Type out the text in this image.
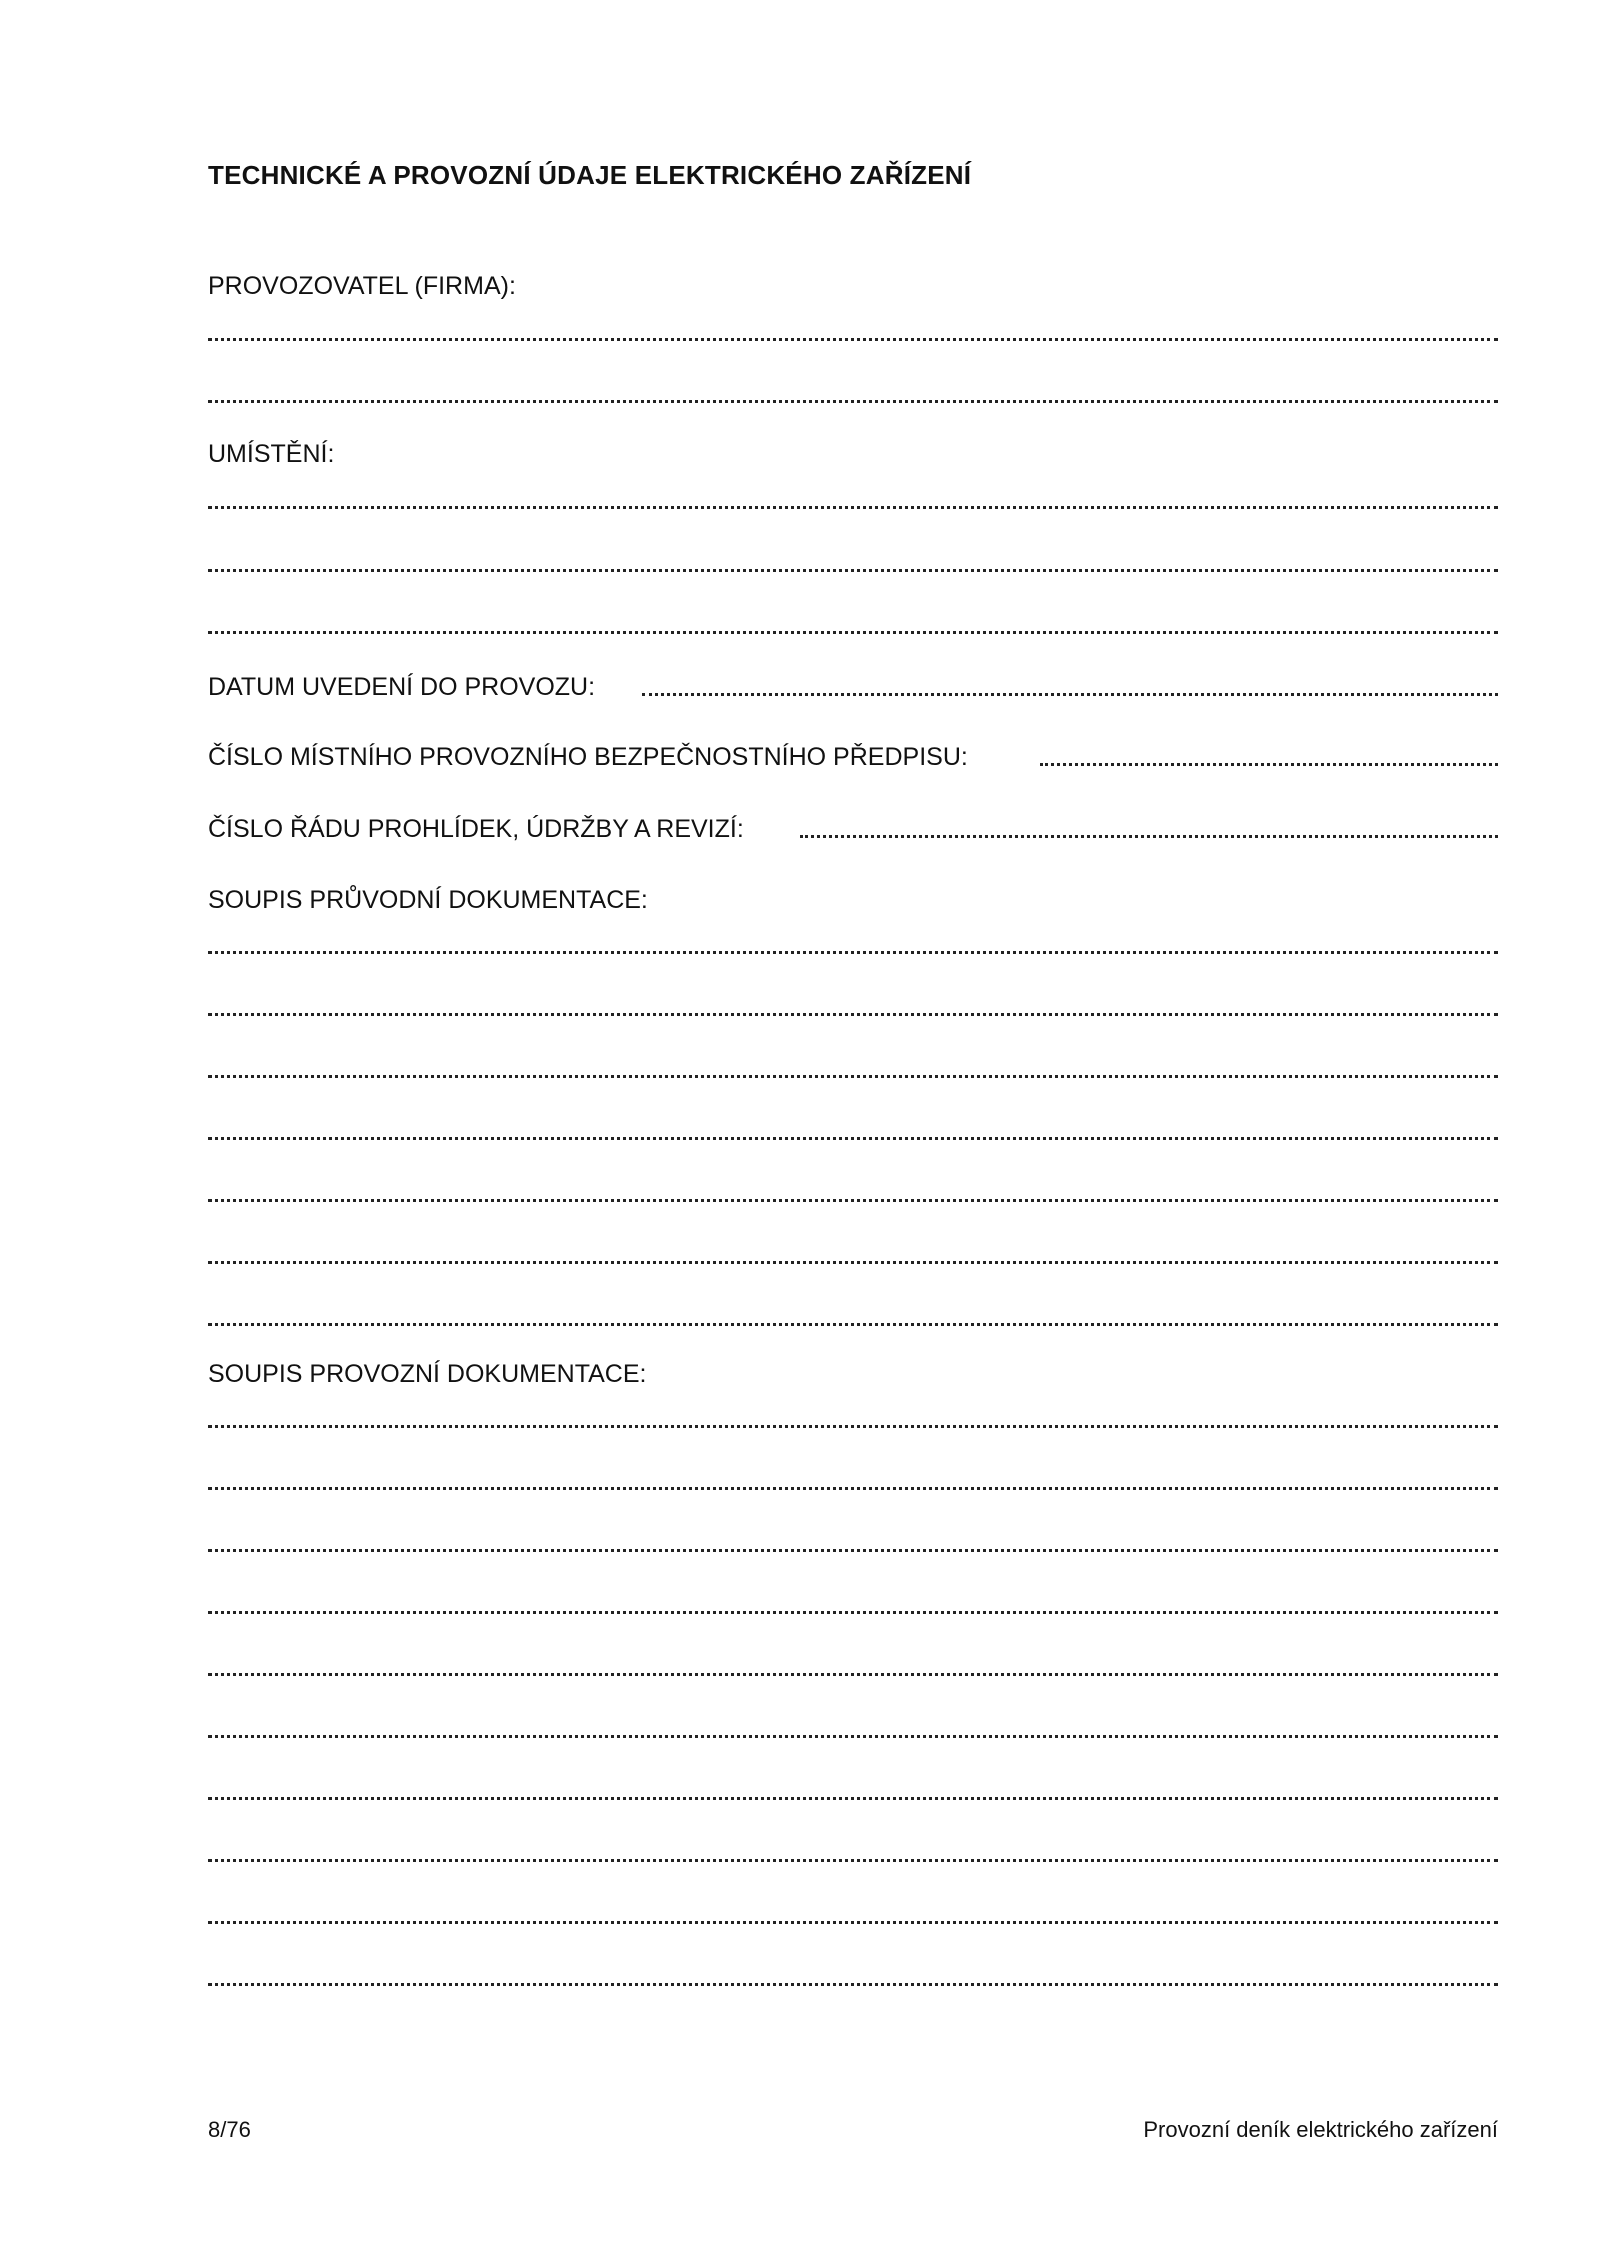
TECHNICKÉ A PROVOZNÍ ÚDAJE ELEKTRICKÉHO ZAŘÍZENÍ
PROVOZOVATEL (FIRMA):
UMÍSTĚNÍ:
DATUM UVEDENÍ DO PROVOZU:
ČÍSLO MÍSTNÍHO PROVOZNÍHO BEZPEČNOSTNÍHO PŘEDPISU:
ČÍSLO ŘÁDU PROHLÍDEK, ÚDRŽBY A REVIZÍ:
SOUPIS PRŮVODNÍ DOKUMENTACE:
SOUPIS PROVOZNÍ DOKUMENTACE:
8/76	Provozní deník elektrického zařízení
